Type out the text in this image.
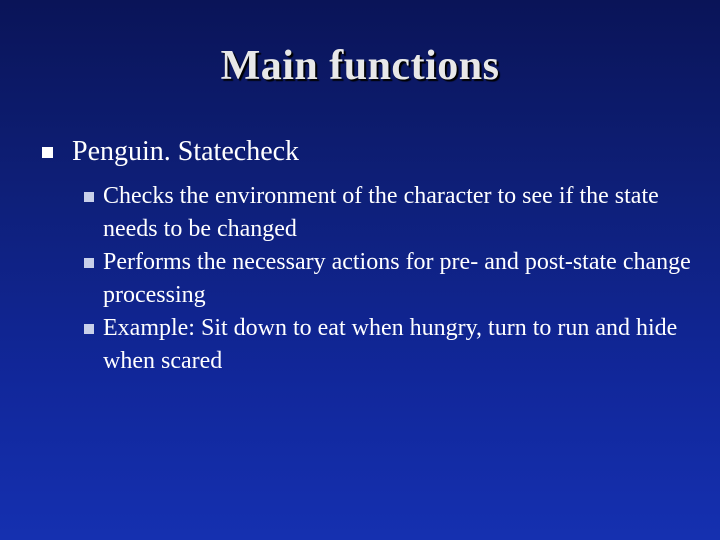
Main functions
Penguin. Statecheck
Checks the environment of the character to see if the state needs to be changed
Performs the necessary actions for pre- and post-state change processing
Example: Sit down to eat when hungry, turn to run and hide when scared
